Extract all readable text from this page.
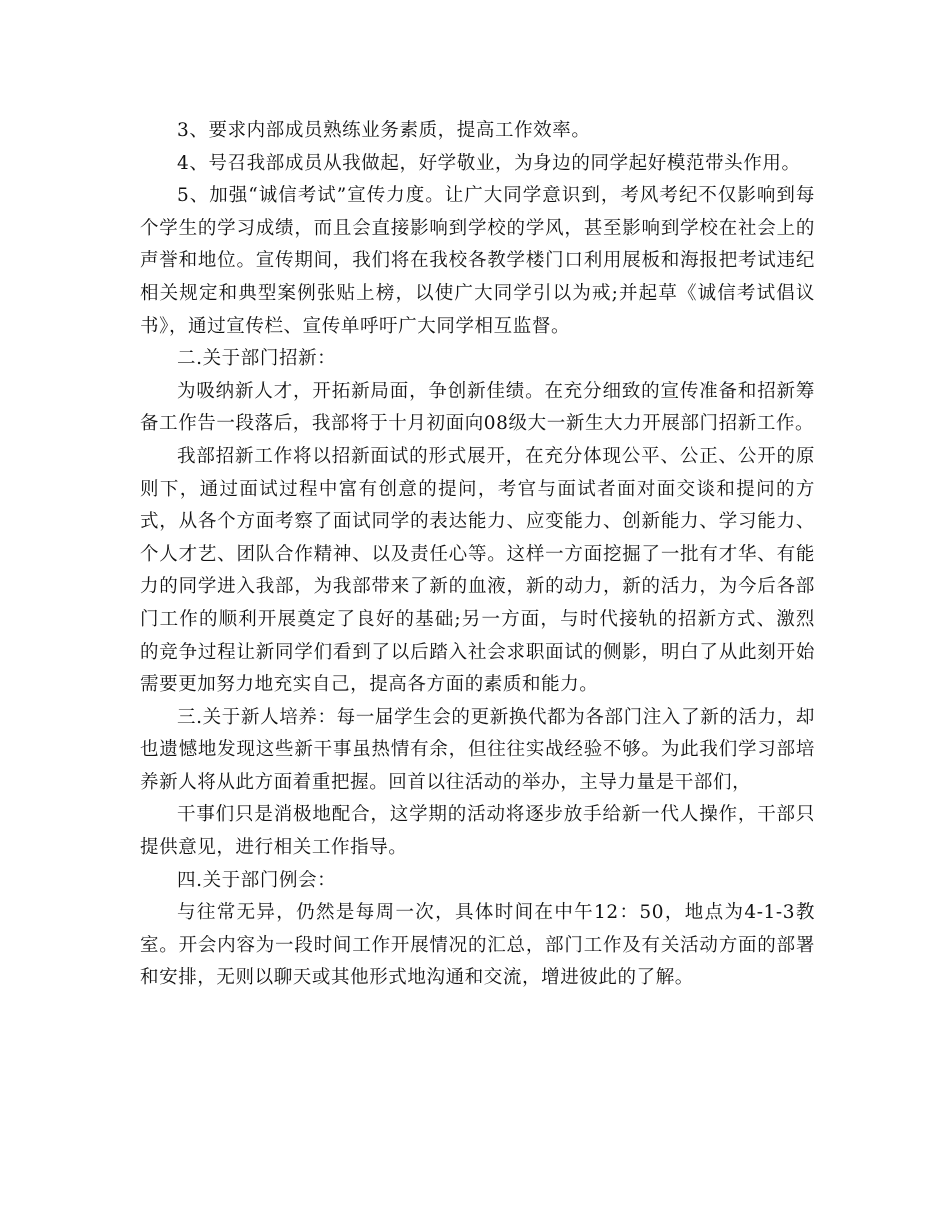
3、要求内部成员熟练业务素质，提高工作效率。

4、号召我部成员从我做起，好学敬业，为身边的同学起好模范带头作用。

5、加强“诚信考试”宣传力度。让广大同学意识到，考风考纪不仅影响到每个学生的学习成绩，而且会直接影响到学校的学风，甚至影响到学校在社会上的声誉和地位。宣传期间，我们将在我校各教学楼门口利用展板和海报把考试违纪相关规定和典型案例张贴上榜，以使广大同学引以为戒;并起草《诚信考试倡议书》，通过宣传栏、宣传单呼吁广大同学相互监督。

二.关于部门招新：

为吸纳新人才，开拓新局面，争创新佳绩。在充分细致的宣传准备和招新筹备工作告一段落后，我部将于十月初面向08级大一新生大力开展部门招新工作。

我部招新工作将以招新面试的形式展开，在充分体现公平、公正、公开的原则下，通过面试过程中富有创意的提问，考官与面试者面对面交谈和提问的方式，从各个方面考察了面试同学的表达能力、应变能力、创新能力、学习能力、个人才艺、团队合作精神、以及责任心等。这样一方面挖掘了一批有才华、有能力的同学进入我部，为我部带来了新的血液，新的动力，新的活力，为今后各部门工作的顺利开展奠定了良好的基础;另一方面，与时代接轨的招新方式、激烈的竞争过程让新同学们看到了以后踏入社会求职面试的侧影，明白了从此刻开始需要更加努力地充实自己，提高各方面的素质和能力。

三.关于新人培养：每一届学生会的更新换代都为各部门注入了新的活力，却也遗憾地发现这些新干事虽热情有余，但往往实战经验不够。为此我们学习部培养新人将从此方面着重把握。回首以往活动的举办，主导力量是干部们，

干事们只是消极地配合，这学期的活动将逐步放手给新一代人操作，干部只提供意见，进行相关工作指导。

四.关于部门例会：

与往常无异，仍然是每周一次，具体时间在中午12：50，地点为4-1-3教室。开会内容为一段时间工作开展情况的汇总，部门工作及有关活动方面的部署和安排，无则以聊天或其他形式地沟通和交流，增进彼此的了解。
